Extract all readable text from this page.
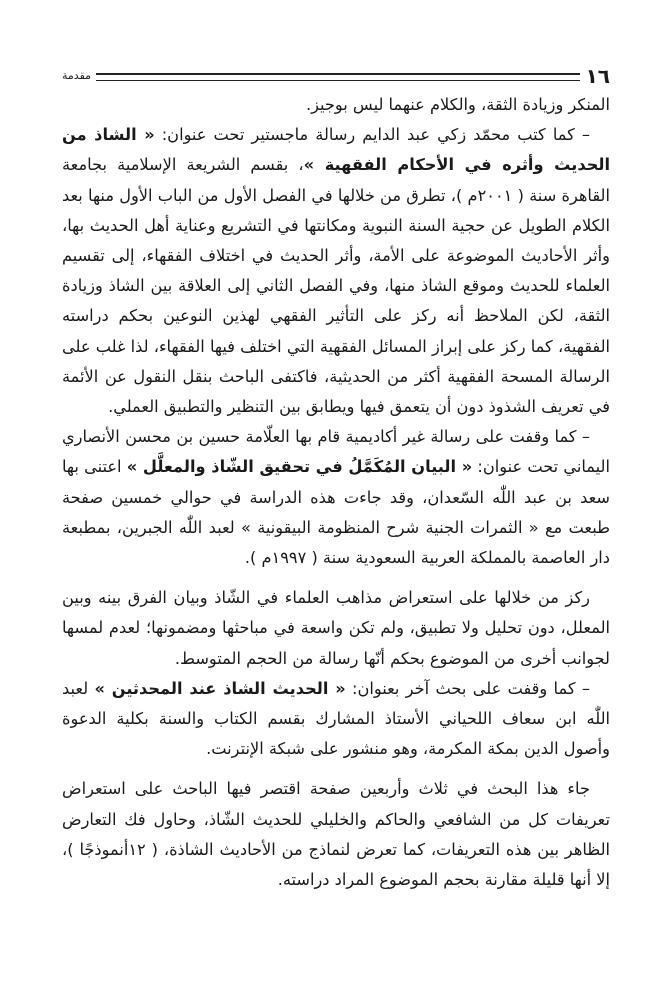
١٦
مقدمة

المنكر وزيادة الثقة، والكلام عنهما ليس بوجيز.

– كما كتب محمّد زكي عبد الدايم رسالة ماجستير تحت عنوان: « الشاذ من الحديث وأثره في الأحكام الفقهية »، بقسم الشريعة الإسلامية بجامعة القاهرة سنة ( ٢٠٠١م )، تطرق من خلالها في الفصل الأول من الباب الأول منها بعد الكلام الطويل عن حجية السنة النبوية ومكانتها في التشريع وعناية أهل الحديث بها، وأثر الأحاديث الموضوعة على الأمة، وأثر الحديث في اختلاف الفقهاء، إلى تقسيم العلماء للحديث وموقع الشاذ منها، وفي الفصل الثاني إلى العلاقة بين الشاذ وزيادة الثقة، لكن الملاحظ أنه ركز على التأثير الفقهي لهذين النوعين بحكم دراسته الفقهية، كما ركز على إبراز المسائل الفقهية التي اختلف فيها الفقهاء، لذا غلب على الرسالة المسحة الفقهية أكثر من الحديثية، فاكتفى الباحث بنقل النقول عن الأئمة في تعريف الشذوذ دون أن يتعمق فيها ويطابق بين التنظير والتطبيق العملي.

– كما وقفت على رسالة غير أكاديمية قام بها العلّامة حسين بن محسن الأنصاري اليماني تحت عنوان: « البيان المُكَمَّلُ في تحقيق الشّاذ والمعلَّل » اعتنى بها سعد بن عبد اللّٰه السّعدان، وقد جاءت هذه الدراسة في حوالي خمسين صفحة طبعت مع « الثمرات الجنية شرح المنظومة البيقونية » لعبد اللّٰه الجبرين، بمطبعة دار العاصمة بالمملكة العربية السعودية سنة ( ١٩٩٧م ).

ركز من خلالها على استعراض مذاهب العلماء في الشّاذ وبيان الفرق بينه وبين المعلل، دون تحليل ولا تطبيق، ولم تكن واسعة في مباحثها ومضمونها؛ لعدم لمسها لجوانب أخرى من الموضوع بحكم أنّها رسالة من الحجم المتوسط.

– كما وقفت على بحث آخر بعنوان: « الحديث الشاذ عند المحدثين » لعبد اللّٰه ابن سعاف اللحياني الأستاذ المشارك بقسم الكتاب والسنة بكلية الدعوة وأصول الدين بمكة المكرمة، وهو منشور على شبكة الإنترنت.

جاء هذا البحث في ثلاث وأربعين صفحة اقتصر فيها الباحث على استعراض تعريفات كل من الشافعي والحاكم والخليلي للحديث الشّاذ، وحاول فك التعارض الظاهر بين هذه التعريفات، كما تعرض لنماذج من الأحاديث الشاذة، ( ١٢أنموذجًا )، إلا أنها قليلة مقارنة بحجم الموضوع المراد دراسته.
